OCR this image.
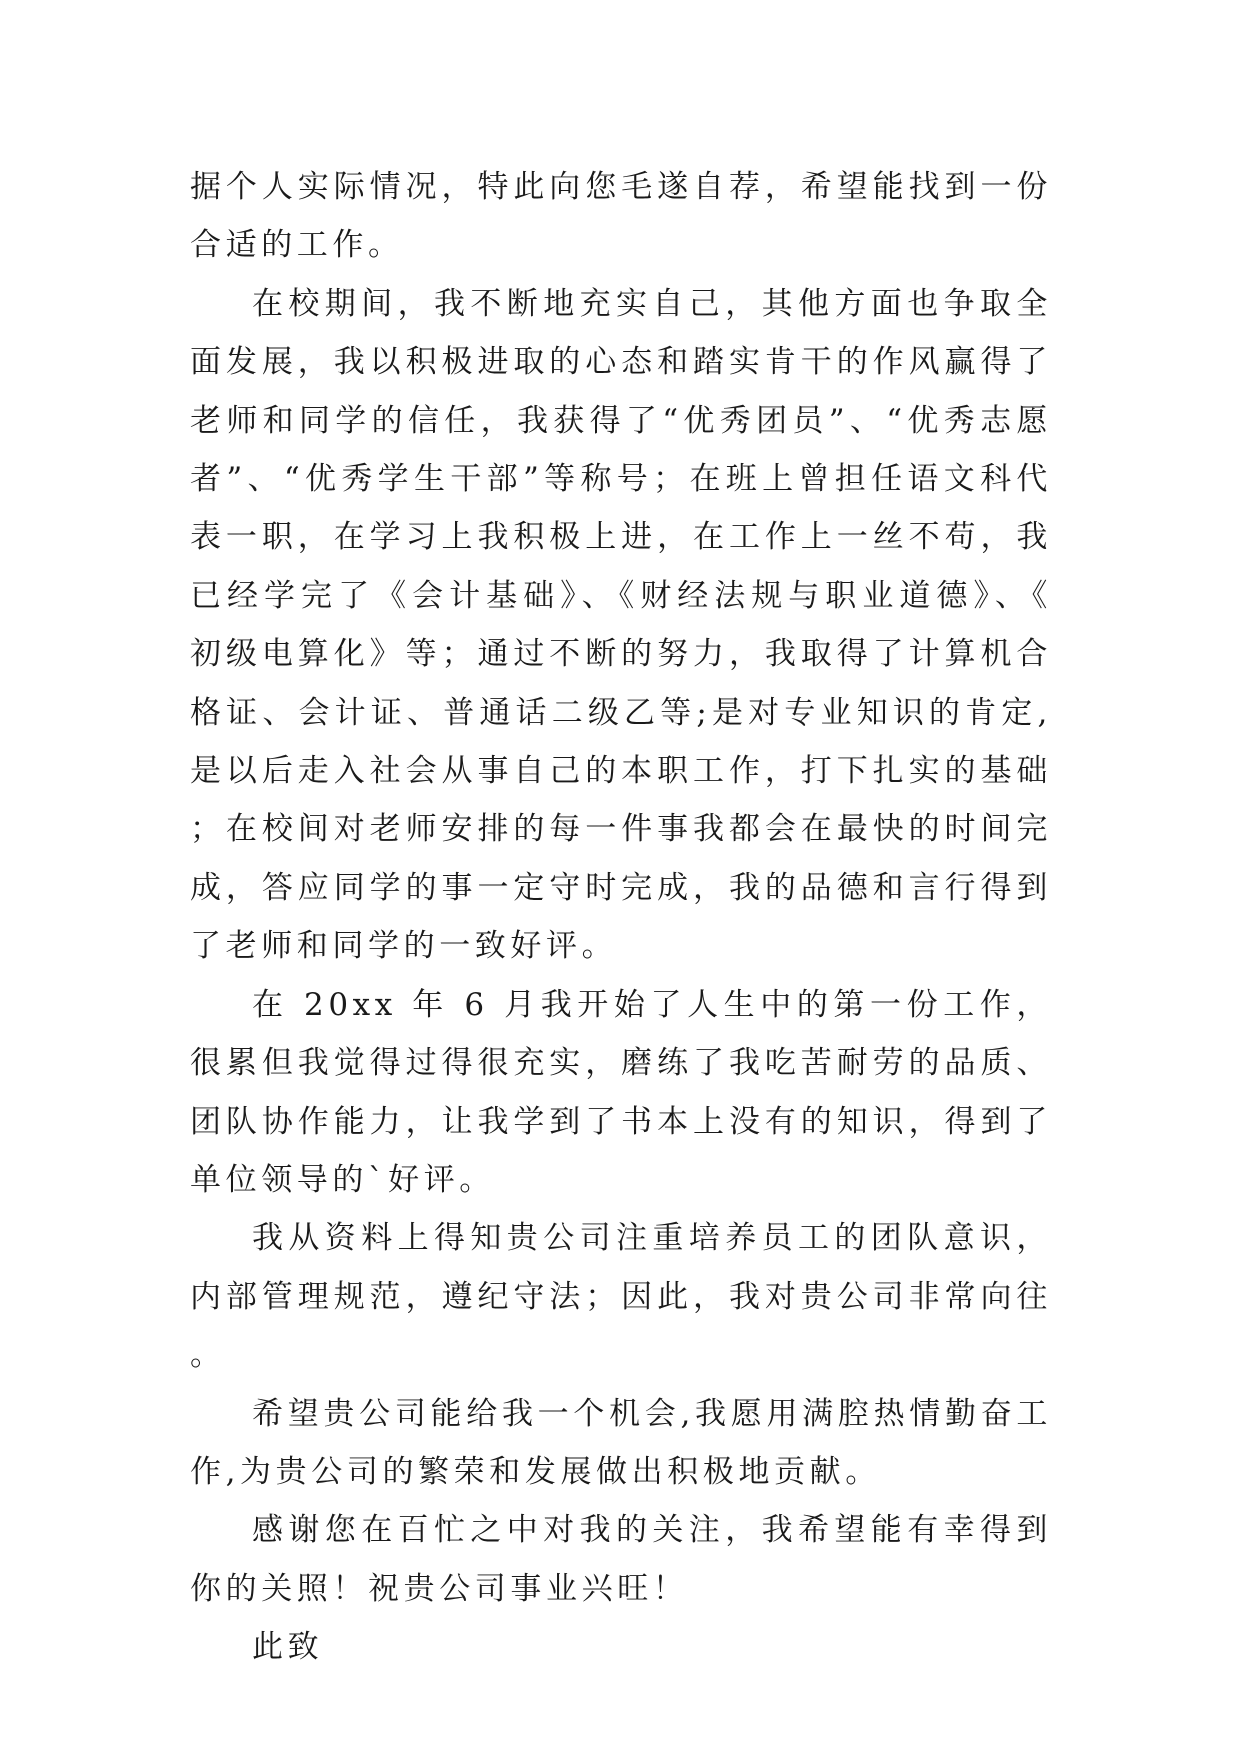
据个人实际情况，特此向您毛遂自荐，希望能找到一份合适的工作。

在校期间，我不断地充实自己，其他方面也争取全面发展，我以积极进取的心态和踏实肯干的作风赢得了老师和同学的信任，我获得了“优秀团员”、“优秀志愿者”、“优秀学生干部”等称号；在班上曾担任语文科代表一职，在学习上我积极上进，在工作上一丝不苟，我已经学完了《会计基础》、《财经法规与职业道德》、《初级电算化》等；通过不断的努力，我取得了计算机合格证、会计证、普通话二级乙等;是对专业知识的肯定,是以后走入社会从事自己的本职工作，打下扎实的基础；在校间对老师安排的每一件事我都会在最快的时间完成，答应同学的事一定守时完成，我的品德和言行得到了老师和同学的一致好评。

在 20xx 年 6 月我开始了人生中的第一份工作，很累但我觉得过得很充实，磨练了我吃苦耐劳的品质、团队协作能力，让我学到了书本上没有的知识，得到了单位领导的`好评。

我从资料上得知贵公司注重培养员工的团队意识，内部管理规范，遵纪守法；因此，我对贵公司非常向往。

希望贵公司能给我一个机会,我愿用满腔热情勤奋工作,为贵公司的繁荣和发展做出积极地贡献。

感谢您在百忙之中对我的关注，我希望能有幸得到你的关照！祝贵公司事业兴旺！

此致
